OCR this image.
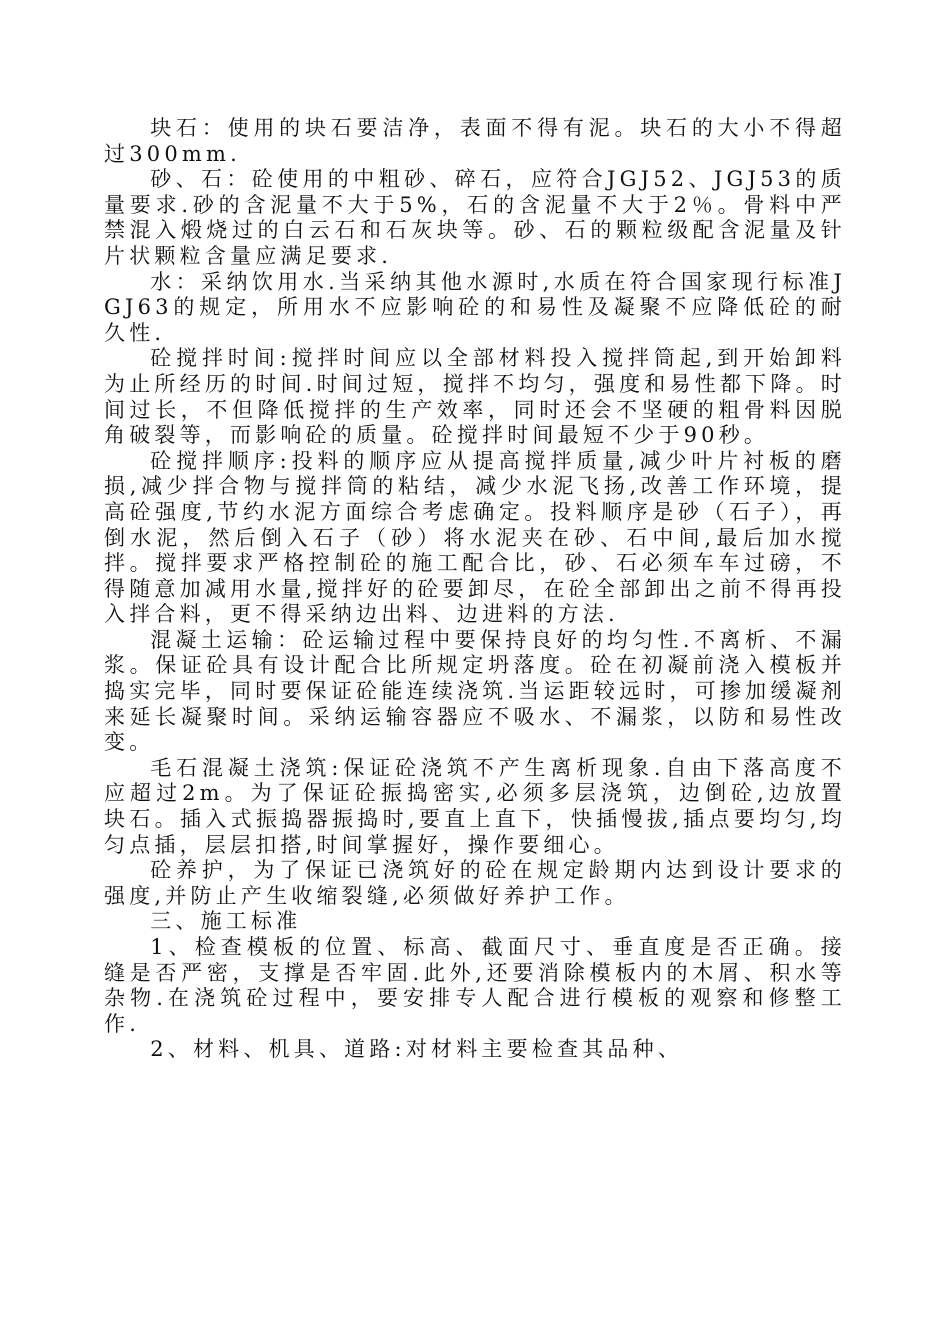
块石：使用的块石要洁净，表面不得有泥。块石的大小不得超过300mm.

砂、石：砼使用的中粗砂、碎石，应符合JGJ52、JGJ53的质量要求.砂的含泥量不大于5%，石的含泥量不大于2％。骨料中严禁混入煅烧过的白云石和石灰块等。砂、石的颗粒级配含泥量及针片状颗粒含量应满足要求.

水：采纳饮用水.当采纳其他水源时,水质在符合国家现行标准JGJ63的规定，所用水不应影响砼的和易性及凝聚不应降低砼的耐久性.

砼搅拌时间:搅拌时间应以全部材料投入搅拌筒起,到开始卸料为止所经历的时间.时间过短，搅拌不均匀，强度和易性都下降。时间过长，不但降低搅拌的生产效率，同时还会不坚硬的粗骨料因脱角破裂等，而影响砼的质量。砼搅拌时间最短不少于90秒。

砼搅拌顺序:投料的顺序应从提高搅拌质量,减少叶片衬板的磨损,减少拌合物与搅拌筒的粘结，减少水泥飞扬,改善工作环境，提高砼强度,节约水泥方面综合考虑确定。投料顺序是砂（石子），再倒水泥，然后倒入石子（砂）将水泥夹在砂、石中间,最后加水搅拌。搅拌要求严格控制砼的施工配合比，砂、石必须车车过磅，不得随意加减用水量,搅拌好的砼要卸尽，在砼全部卸出之前不得再投入拌合料，更不得采纳边出料、边进料的方法.

混凝土运输：砼运输过程中要保持良好的均匀性.不离析、不漏浆。保证砼具有设计配合比所规定坍落度。砼在初凝前浇入模板并捣实完毕，同时要保证砼能连续浇筑.当运距较远时，可掺加缓凝剂来延长凝聚时间。采纳运输容器应不吸水、不漏浆，以防和易性改变。

毛石混凝土浇筑:保证砼浇筑不产生离析现象.自由下落高度不应超过2m。为了保证砼振捣密实,必须多层浇筑，边倒砼,边放置块石。插入式振捣器振捣时,要直上直下，快插慢拔,插点要均匀,均匀点插，层层扣搭,时间掌握好，操作要细心。

砼养护，为了保证已浇筑好的砼在规定龄期内达到设计要求的强度,并防止产生收缩裂缝,必须做好养护工作。

三、施工标准

1、检查模板的位置、标高、截面尺寸、垂直度是否正确。接缝是否严密，支撑是否牢固.此外,还要消除模板内的木屑、积水等杂物.在浇筑砼过程中，要安排专人配合进行模板的观察和修整工作.

2、材料、机具、道路:对材料主要检查其品种、
